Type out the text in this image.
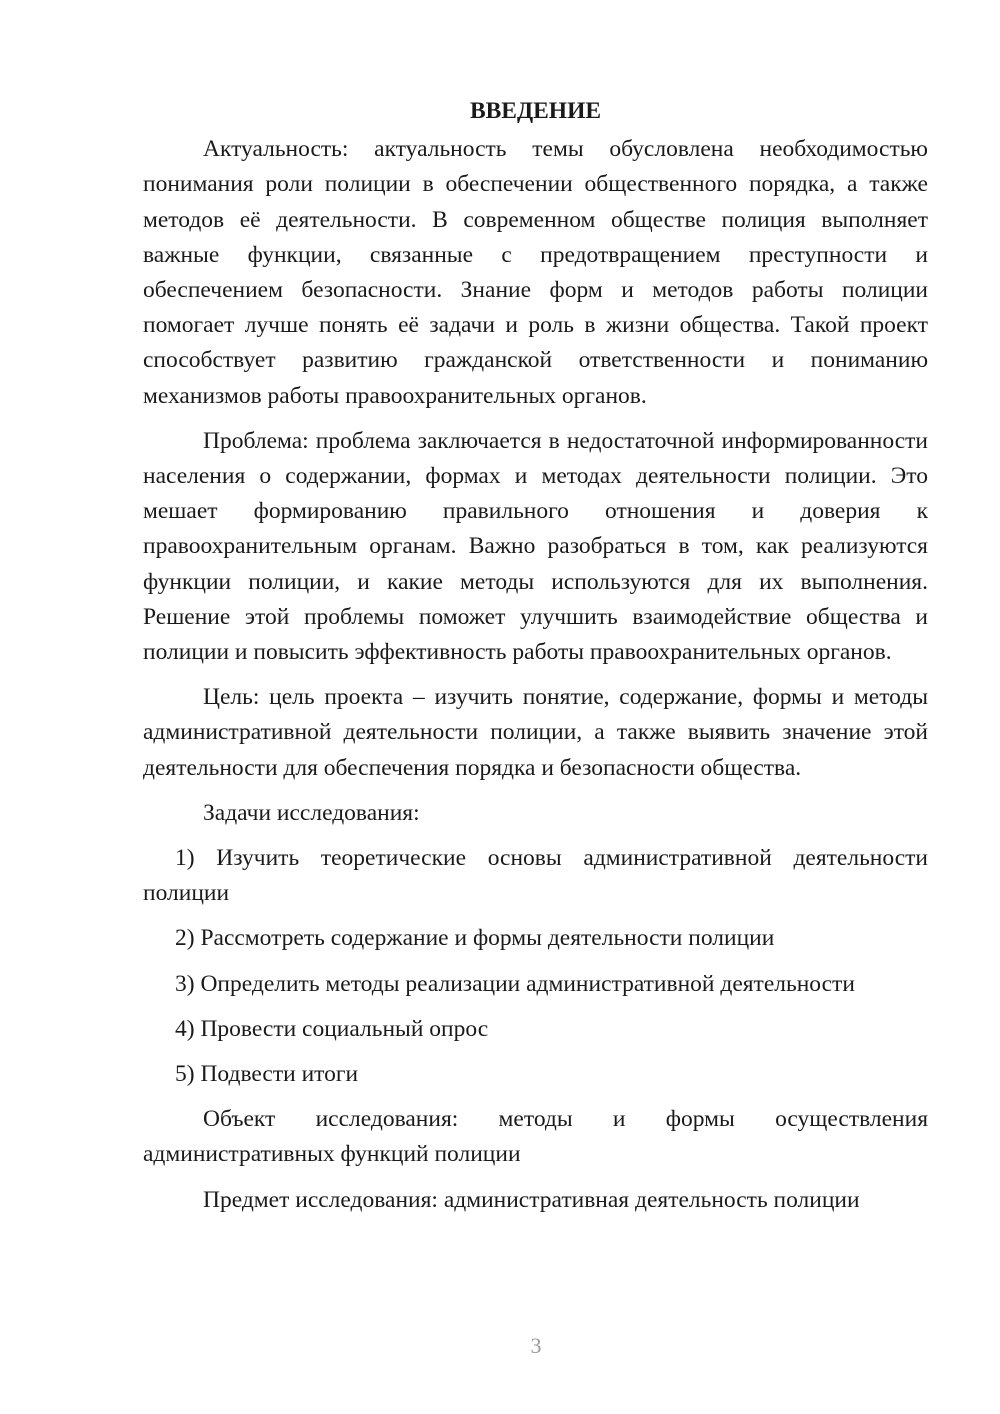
ВВЕДЕНИЕ

Актуальность: актуальность темы обусловлена необходимостью понимания роли полиции в обеспечении общественного порядка, а также методов её деятельности. В современном обществе полиция выполняет важные функции, связанные с предотвращением преступности и обеспечением безопасности. Знание форм и методов работы полиции помогает лучше понять её задачи и роль в жизни общества. Такой проект способствует развитию гражданской ответственности и пониманию механизмов работы правоохранительных органов.

Проблема: проблема заключается в недостаточной информированности населения о содержании, формах и методах деятельности полиции. Это мешает формированию правильного отношения и доверия к правоохранительным органам. Важно разобраться в том, как реализуются функции полиции, и какие методы используются для их выполнения. Решение этой проблемы поможет улучшить взаимодействие общества и полиции и повысить эффективность работы правоохранительных органов.

Цель: цель проекта – изучить понятие, содержание, формы и методы административной деятельности полиции, а также выявить значение этой деятельности для обеспечения порядка и безопасности общества.

Задачи исследования:

1) Изучить теоретические основы административной деятельности полиции

2) Рассмотреть содержание и формы деятельности полиции

3) Определить методы реализации административной деятельности

4) Провести социальный опрос

5) Подвести итоги

Объект исследования: методы и формы осуществления административных функций полиции

Предмет исследования: административная деятельность полиции

3
